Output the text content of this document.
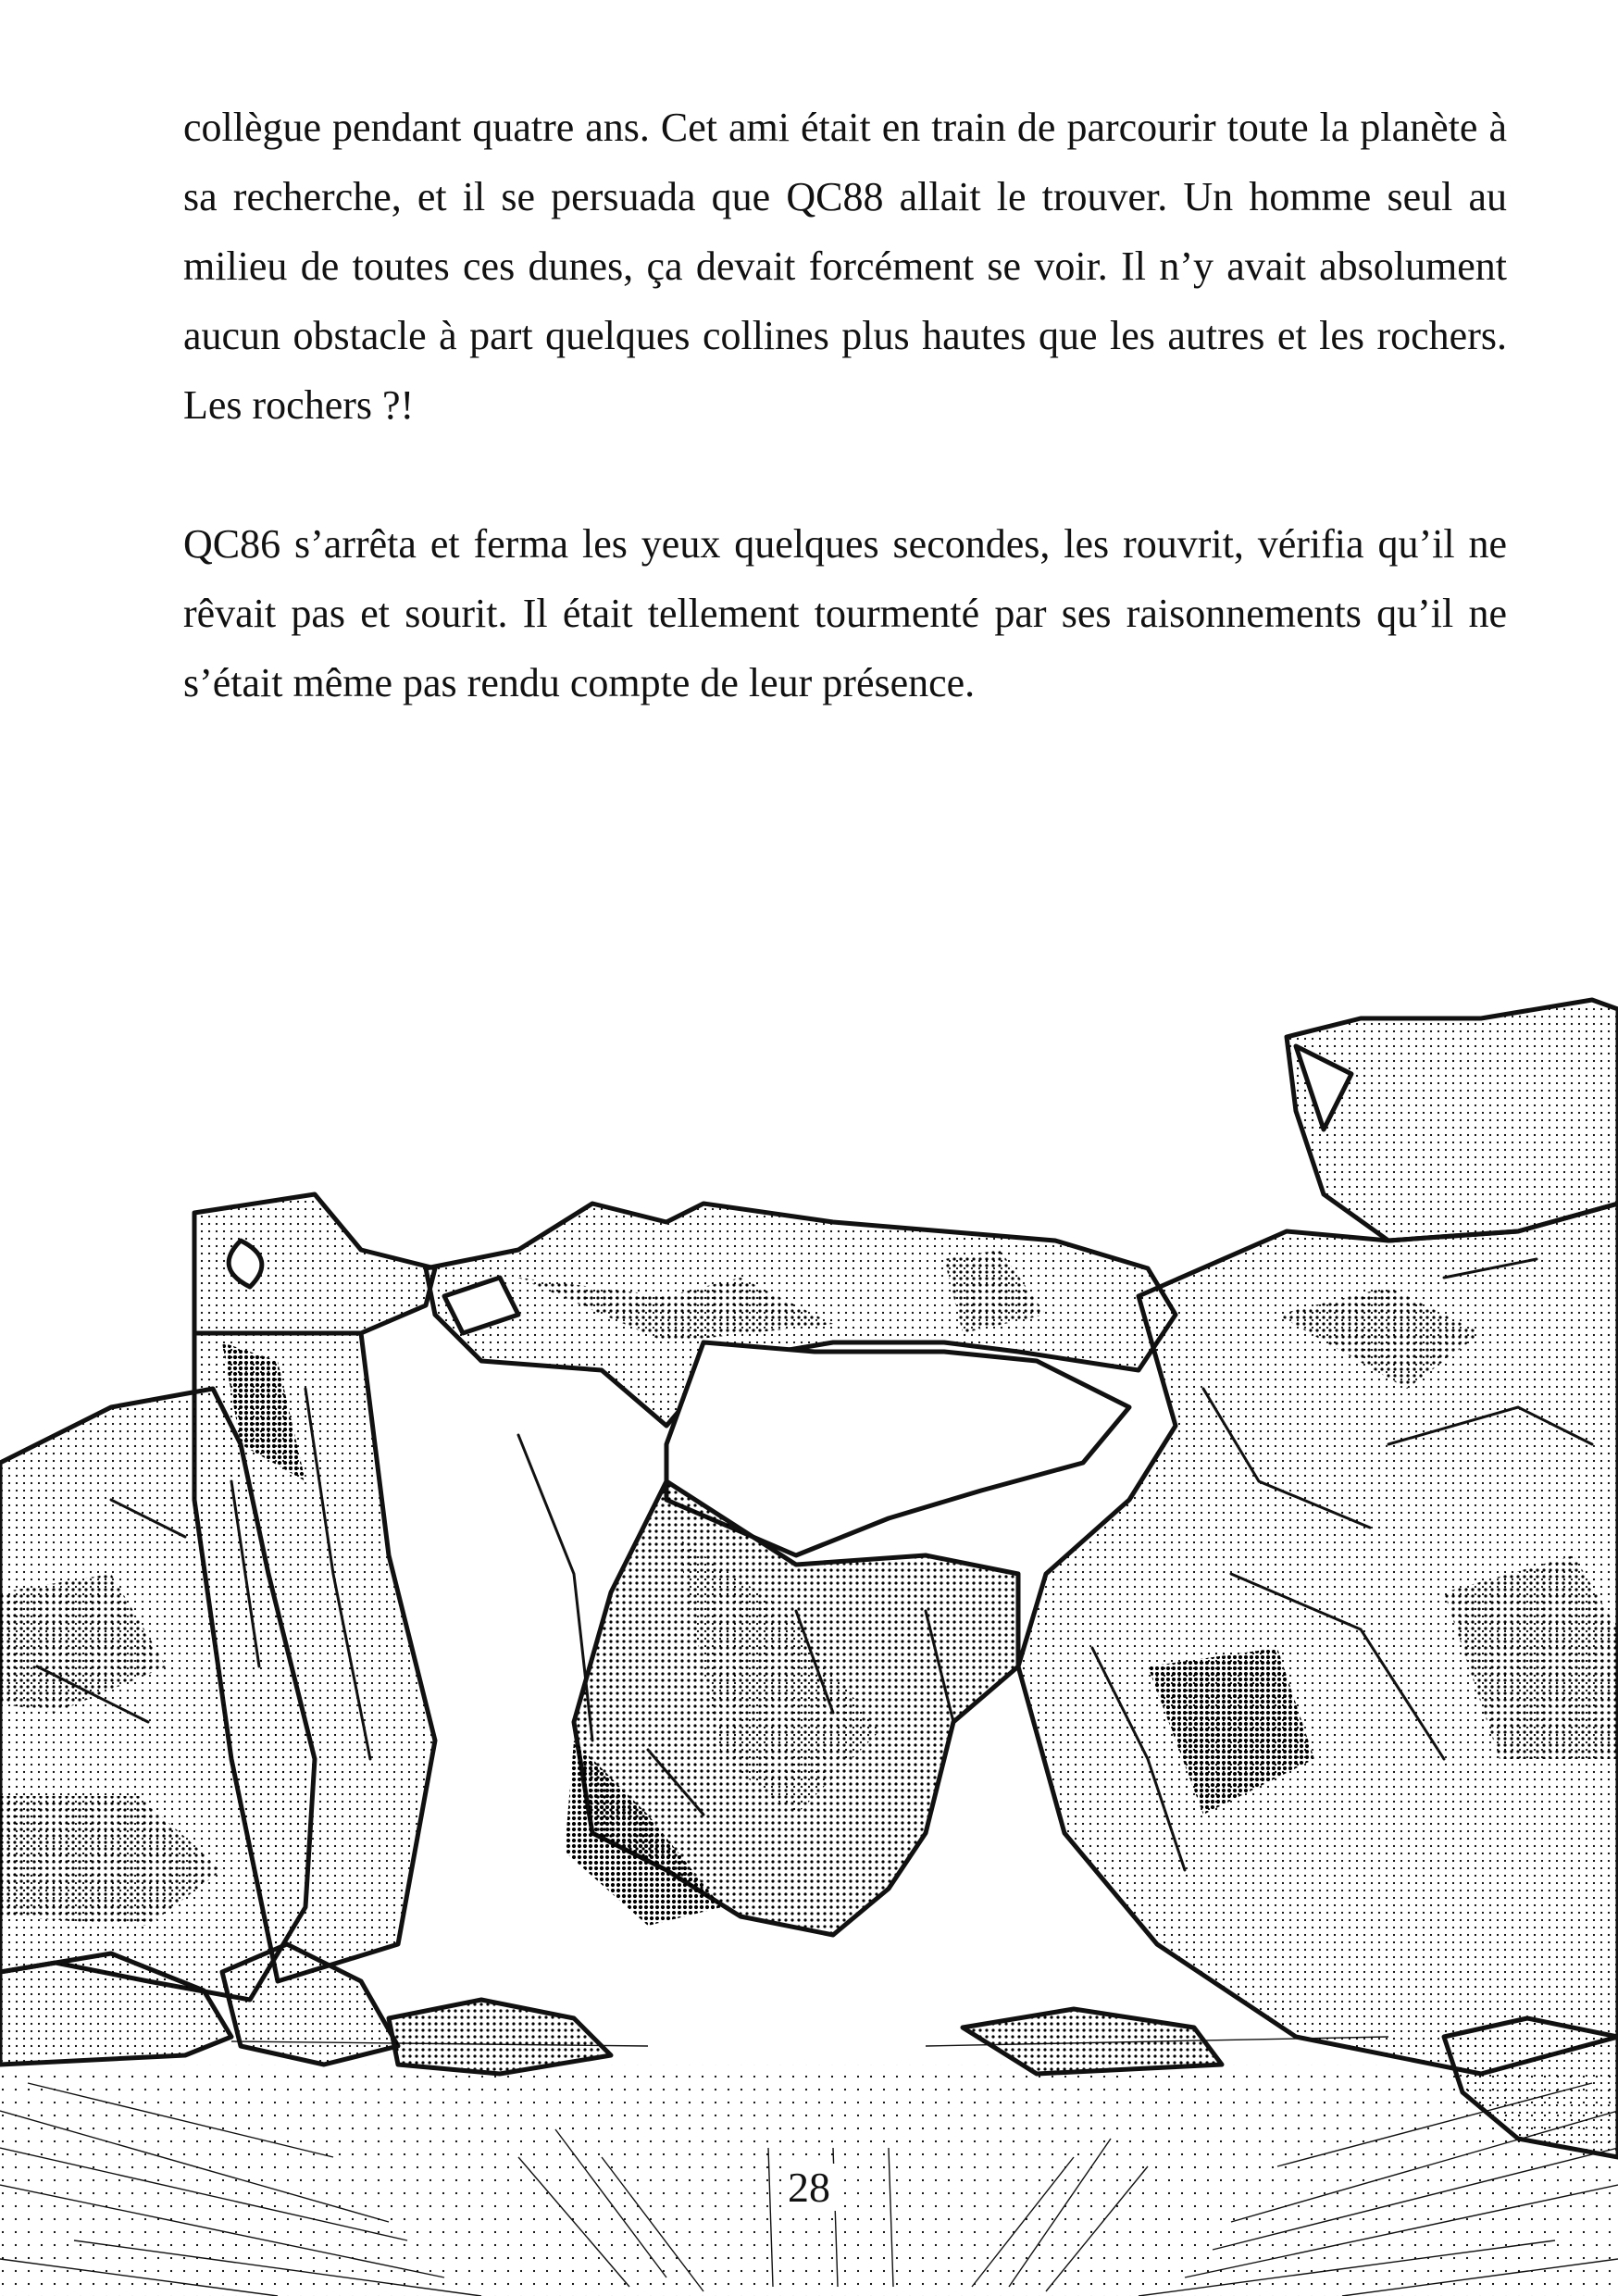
collègue pendant quatre ans. Cet ami était en train de parcourir toute la planète à sa recherche, et il se persuada que QC88 allait le trouver. Un homme seul au milieu de toutes ces dunes, ça devait forcément se voir. Il n’y avait absolument aucun obstacle à part quelques collines plus hautes que les autres et les rochers. Les rochers ?!

QC86 s’arrêta et ferma les yeux quelques secondes, les rouvrit, vérifia qu’il ne rêvait pas et sourit. Il était tellement tourmenté par ses raisonnements qu’il ne s’était même pas rendu compte de leur présence.

28
